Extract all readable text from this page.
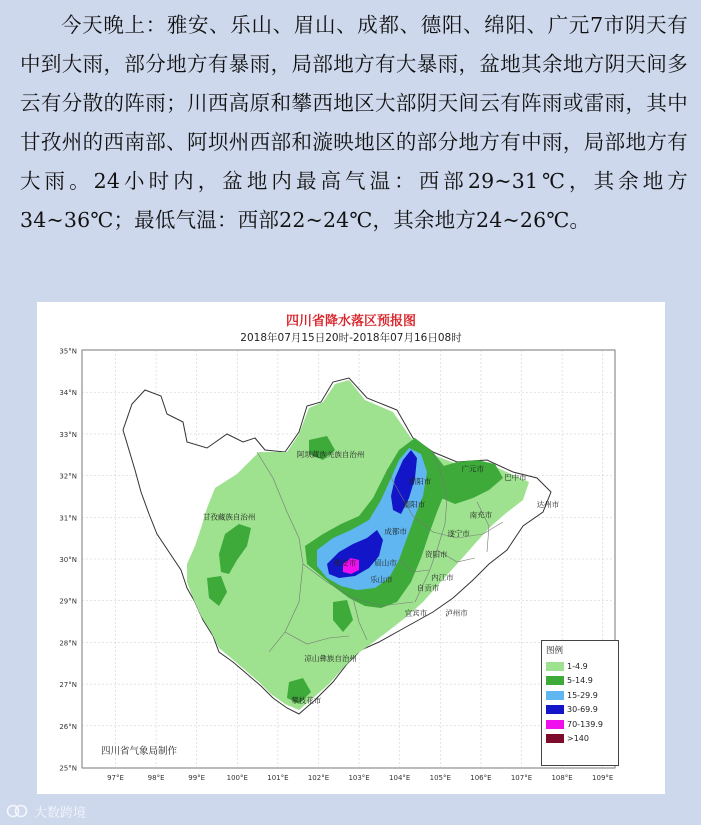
今天晚上：雅安、乐山、眉山、成都、德阳、绵阳、广元7市阴天有中到大雨，部分地方有暴雨，局部地方有大暴雨，盆地其余地方阴天间多云有分散的阵雨；川西高原和攀西地区大部阴天间云有阵雨或雷雨，其中甘孜州的西南部、阿坝州西部和漩映地区的部分地方有中雨，局部地方有大雨。24小时内，盆地内最高气温：西部29~31℃，其余地方34~36℃；最低气温：西部22~24℃，其余地方24~26℃。

阿坝藏族羌族自治州
甘孜藏族自治州
广元市
巴中市
绵阳市
德阳市
南充市
达州市
遂宁市
成都市
资阳市
眉山市
雅安市
内江市
乐山市
自贡市
宜宾市 泸州市
凉山彝族自治州
攀枝花市
35°N
34°N
33°N
32°N
31°N
30°N
29°N
28°N
27°N
26°N
25°N
97°E	98°E	99°E	100°E	101°E	102°E	103°E	104°E	105°E	106°E	107°E	108°E	109°E
四川省降水落区预报图
2018年07月15日20时-2018年07月16日08时
图例
1-4.9
5-14.9
15-29.9
30-69.9
70-139.9
>140
四川省气象局制作
大数跨境
